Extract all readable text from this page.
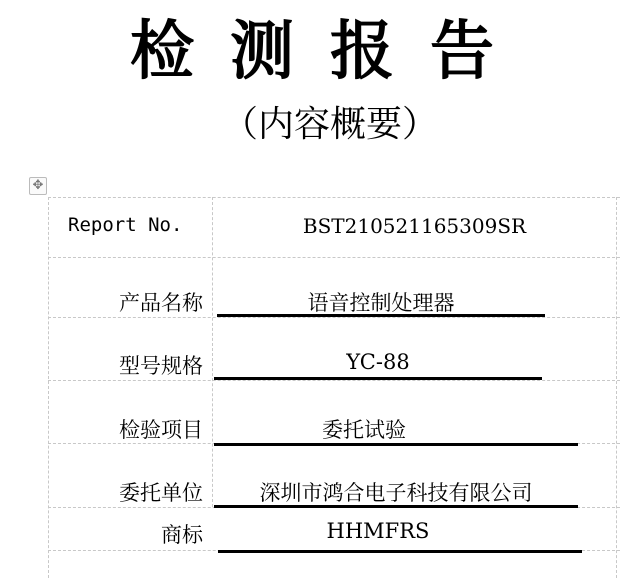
检测报告
（内容概要）
✥
Report No.	BST210521165309SR
产品名称	语音控制处理器
型号规格	YC-88
检验项目	委托试验
委托单位	深圳市鸿合电子科技有限公司
商标	HHMFRS
